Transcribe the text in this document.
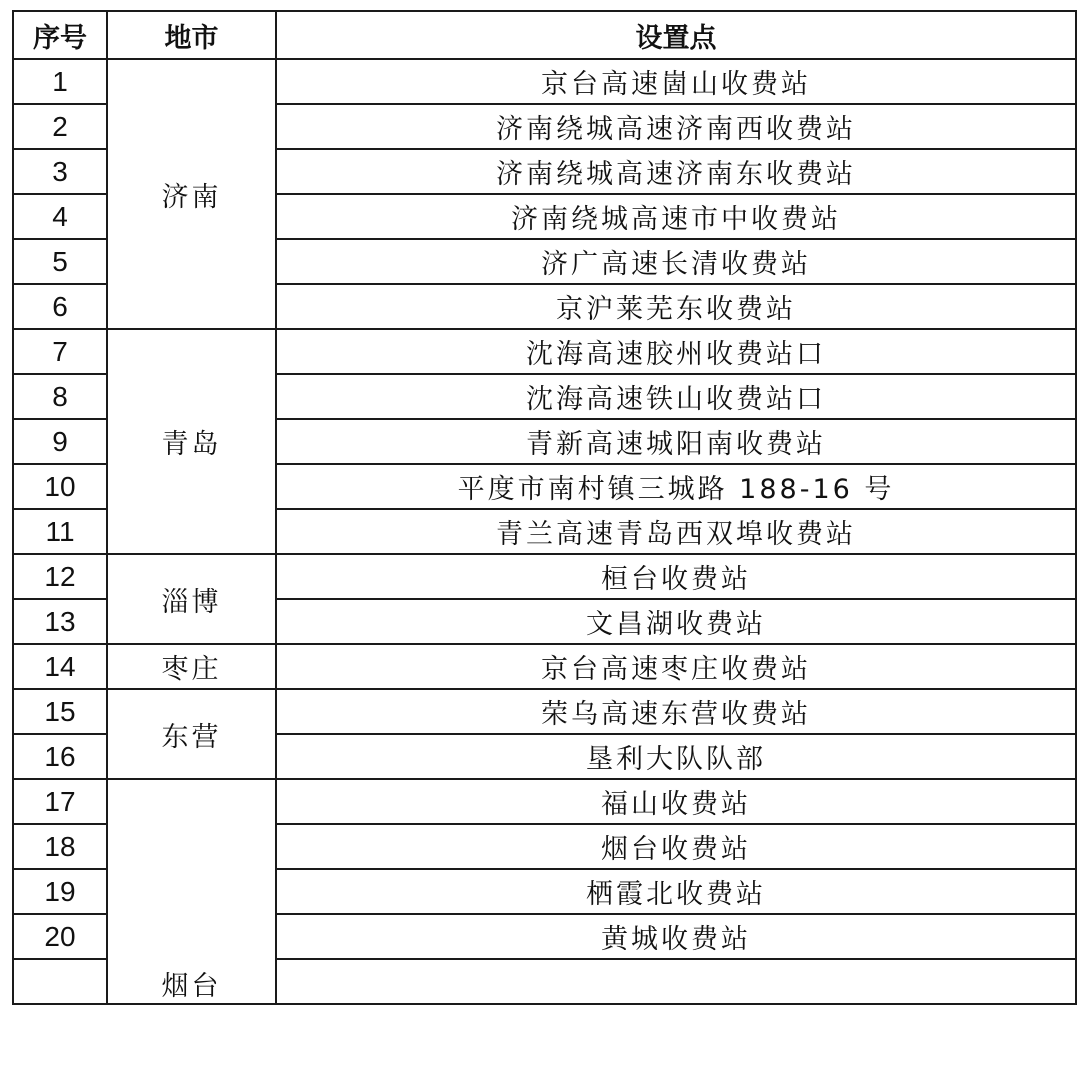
序号	地市	设置点
1	济南	京台高速崮山收费站
2		济南绕城高速济南西收费站
3		济南绕城高速济南东收费站
4		济南绕城高速市中收费站
5		济广高速长清收费站
6		京沪莱芜东收费站
7	青岛	沈海高速胶州收费站口
8		沈海高速铁山收费站口
9		青新高速城阳南收费站
10		平度市南村镇三城路 188-16 号
11		青兰高速青岛西双埠收费站
12	淄博	桓台收费站
13		文昌湖收费站
14	枣庄	京台高速枣庄收费站
15	东营	荣乌高速东营收费站
16		垦利大队队部
17	烟台	福山收费站
18		烟台收费站
19		栖霞北收费站
20		黄城收费站
